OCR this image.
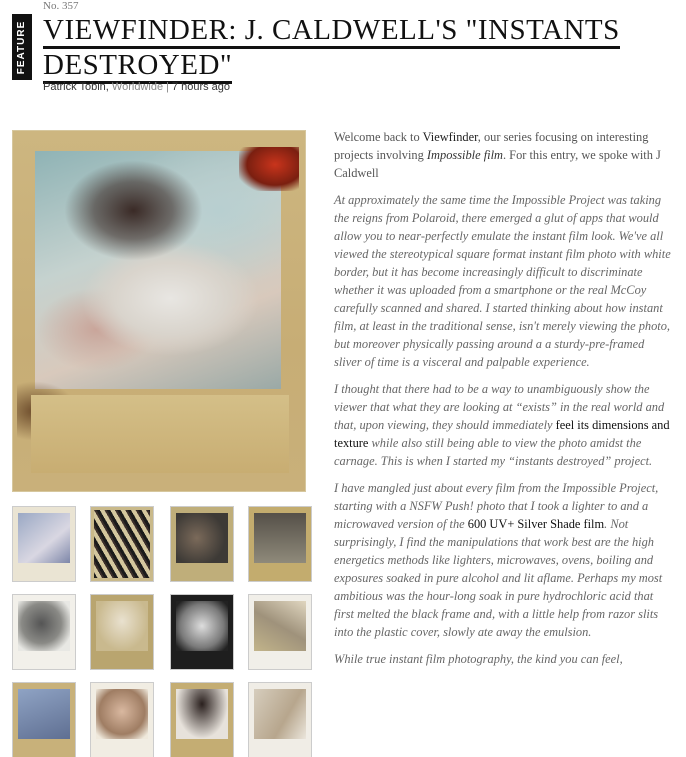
FEATURE
No. 357
VIEWFINDER: J. CALDWELL'S "INSTANTS
DESTROYED"
Patrick Tobin, Worldwide | 7 hours ago

Welcome back to Viewfinder, our series focusing on interesting projects involving Impossible film. For this entry, we spoke with J Caldwell

At approximately the same time the Impossible Project was taking the reigns from Polaroid, there emerged a glut of apps that would allow you to near-perfectly emulate the instant film look. We've all viewed the stereotypical square format instant film photo with white border, but it has become increasingly difficult to discriminate whether it was uploaded from a smartphone or the real McCoy carefully scanned and shared. I started thinking about how instant film, at least in the traditional sense, isn't merely viewing the photo, but moreover physically passing around a a sturdy-pre-framed sliver of time is a visceral and palpable experience.

I thought that there had to be a way to unambiguously show the viewer that what they are looking at “exists” in the real world and that, upon viewing, they should immediately feel its dimensions and texture while also still being able to view the photo amidst the carnage. This is when I started my “instants destroyed” project.

I have mangled just about every film from the Impossible Project, starting with a NSFW Push! photo that I took a lighter to and a microwaved version of the 600 UV+ Silver Shade film. Not surprisingly, I find the manipulations that work best are the high energetics methods like lighters, microwaves, ovens, boiling and exposures soaked in pure alcohol and lit aflame. Perhaps my most ambitious was the hour-long soak in pure hydrochloric acid that first melted the black frame and, with a little help from razor slits into the plastic cover, slowly ate away the emulsion.

While true instant film photography, the kind you can feel,
